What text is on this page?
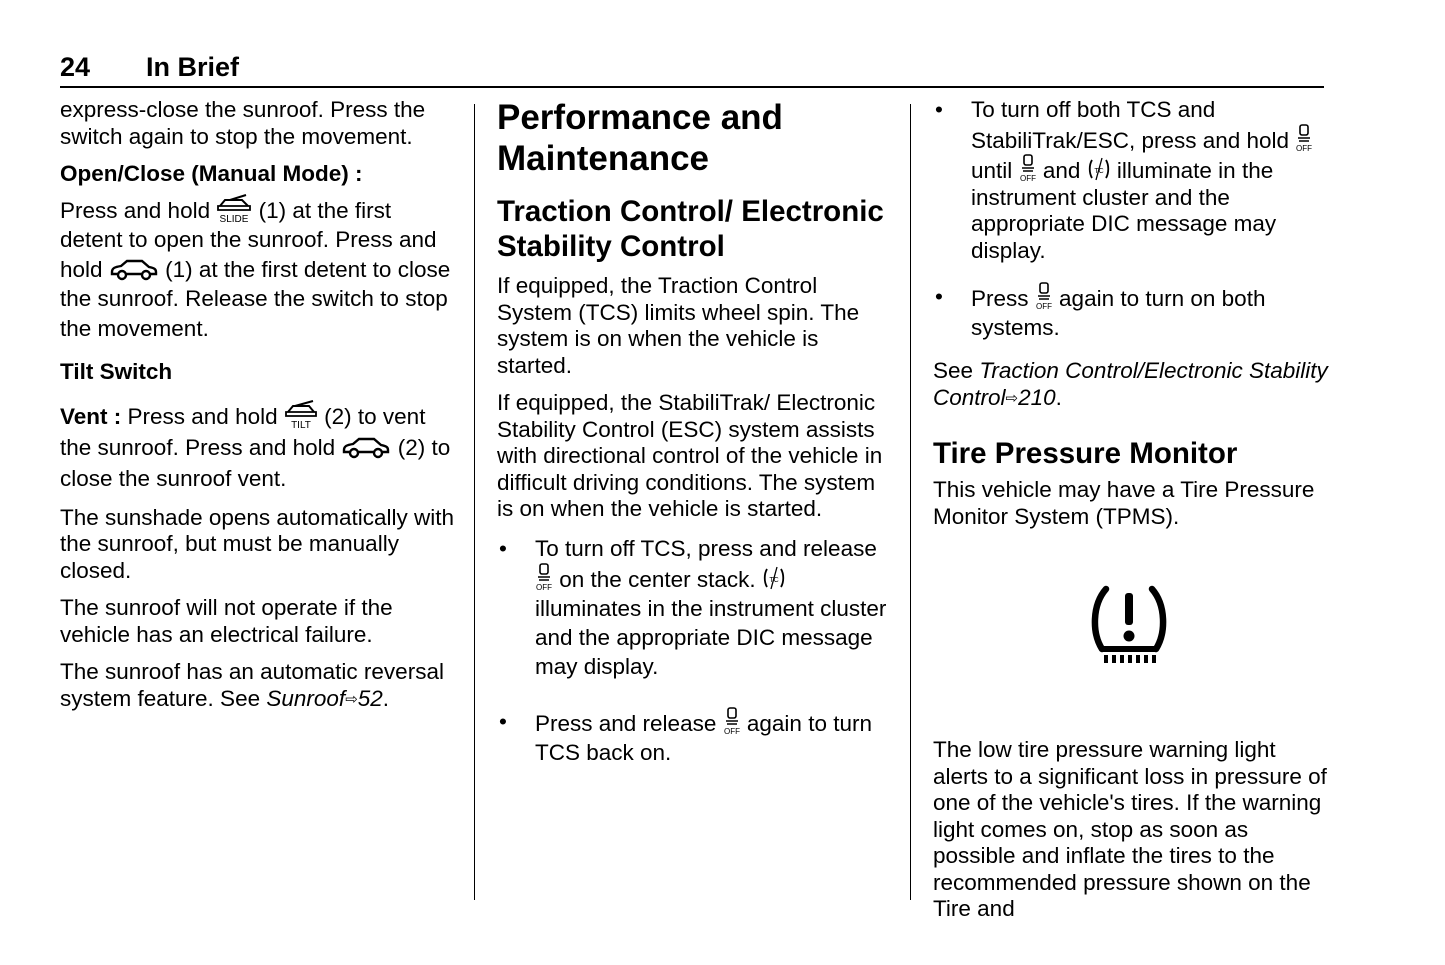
24 In Brief

express-close the sunroof. Press the switch again to stop the movement.

Open/Close (Manual Mode) :

Press and hold SLIDE (1) at the first detent to open the sunroof. Press and hold	(1) at the first detent to close the sunroof. Release the switch to stop the movement.

Tilt Switch

Vent : Press and hold TILT (2) to vent the sunroof. Press and hold	(2) to close the sunroof vent.

The sunshade opens automatically with the sunroof, but must be manually closed.

The sunroof will not operate if the vehicle has an electrical failure.

The sunroof has an automatic reversal system feature. See Sunroof⇨52.

Performance and Maintenance
Traction Control/ Electronic Stability Control

If equipped, the Traction Control System (TCS) limits wheel spin. The system is on when the vehicle is started.

If equipped, the StabiliTrak/ Electronic Stability Control (ESC) system assists with directional control of the vehicle in difficult driving conditions. The system is on when the vehicle is started.

• To turn off TCS, press and release
OFF on the center stack. TC
illuminates in the instrument cluster and the appropriate DIC message may display.
• Press and release OFF again to turn TCS back on.
• To turn off both TCS and StabiliTrak/ESC, press and hold OFF
until OFF and TC illuminate in the instrument cluster and the appropriate DIC message may display.
• Press OFF again to turn on both systems.

See Traction Control/Electronic Stability Control⇨210.

Tire Pressure Monitor

This vehicle may have a Tire Pressure Monitor System (TPMS).

The low tire pressure warning light alerts to a significant loss in pressure of one of the vehicle's tires. If the warning light comes on, stop as soon as possible and inflate the tires to the recommended pressure shown on the Tire and
